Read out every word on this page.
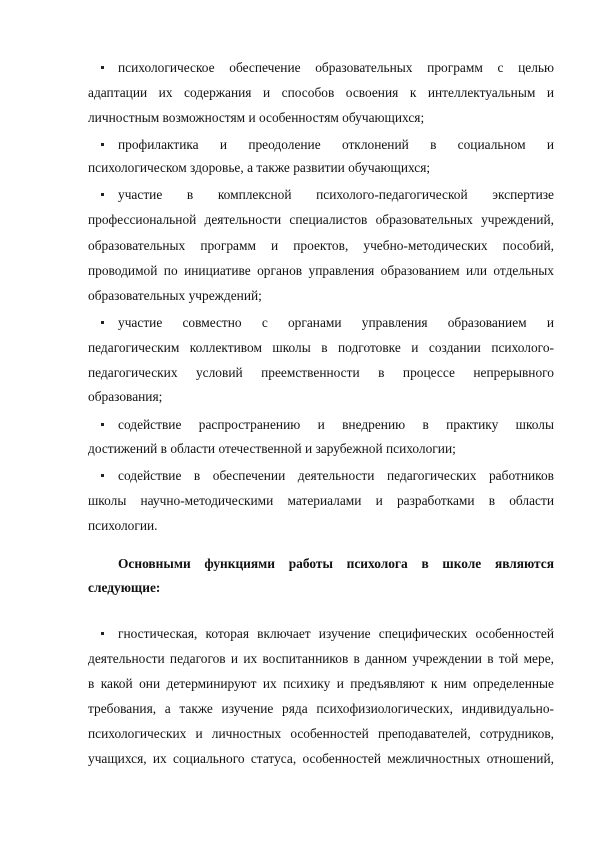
психологическое обеспечение образовательных программ с целью
адаптации их содержания и способов освоения к интеллектуальным и
личностным возможностям и особенностям обучающихся;
профилактика и преодоление отклонений в социальном и
психологическом здоровье, а также развитии обучающихся;
участие в комплексной психолого-педагогической экспертизе
профессиональной деятельности специалистов образовательных учреждений,
образовательных программ и проектов, учебно-методических пособий,
проводимой по инициативе органов управления образованием или отдельных
образовательных учреждений;
участие совместно с органами управления образованием и
педагогическим коллективом школы в подготовке и создании психолого-
педагогических условий преемственности в процессе непрерывного
образования;
содействие распространению и внедрению в практику школы
достижений в области отечественной и зарубежной психологии;
содействие в обеспечении деятельности педагогических работников
школы научно-методическими материалами и разработками в области
психологии.
Основными функциями работы психолога в школе являются
следующие:
гностическая, которая включает изучение специфических особенностей
деятельности педагогов и их воспитанников в данном учреждении в той мере,
в какой они детерминируют их психику и предъявляют к ним определенные
требования, а также изучение ряда психофизиологических, индивидуально-
психологических и личностных особенностей преподавателей, сотрудников,
учащихся, их социального статуса, особенностей межличностных отношений,
